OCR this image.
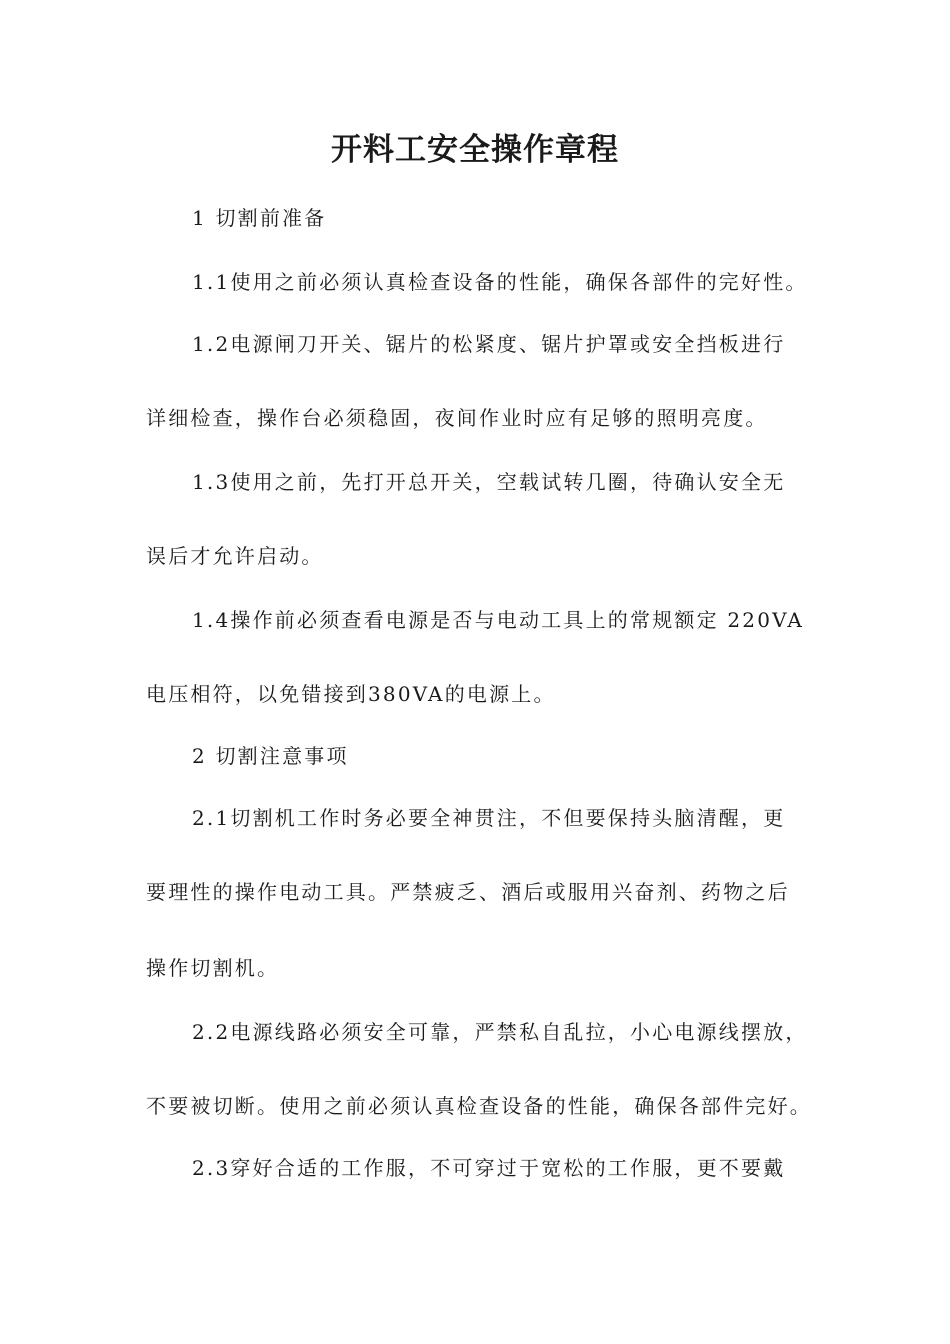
开料工安全操作章程
1 切割前准备
1.1使用之前必须认真检查设备的性能，确保各部件的完好性。
1.2电源闸刀开关、锯片的松紧度、锯片护罩或安全挡板进行
详细检查，操作台必须稳固，夜间作业时应有足够的照明亮度。
1.3使用之前，先打开总开关，空载试转几圈，待确认安全无
误后才允许启动。
1.4操作前必须查看电源是否与电动工具上的常规额定 220VA
电压相符，以免错接到380VA的电源上。
2 切割注意事项
2.1切割机工作时务必要全神贯注，不但要保持头脑清醒，更
要理性的操作电动工具。严禁疲乏、酒后或服用兴奋剂、药物之后
操作切割机。
2.2电源线路必须安全可靠，严禁私自乱拉，小心电源线摆放，
不要被切断。使用之前必须认真检查设备的性能，确保各部件完好。
2.3穿好合适的工作服，不可穿过于宽松的工作服，更不要戴
